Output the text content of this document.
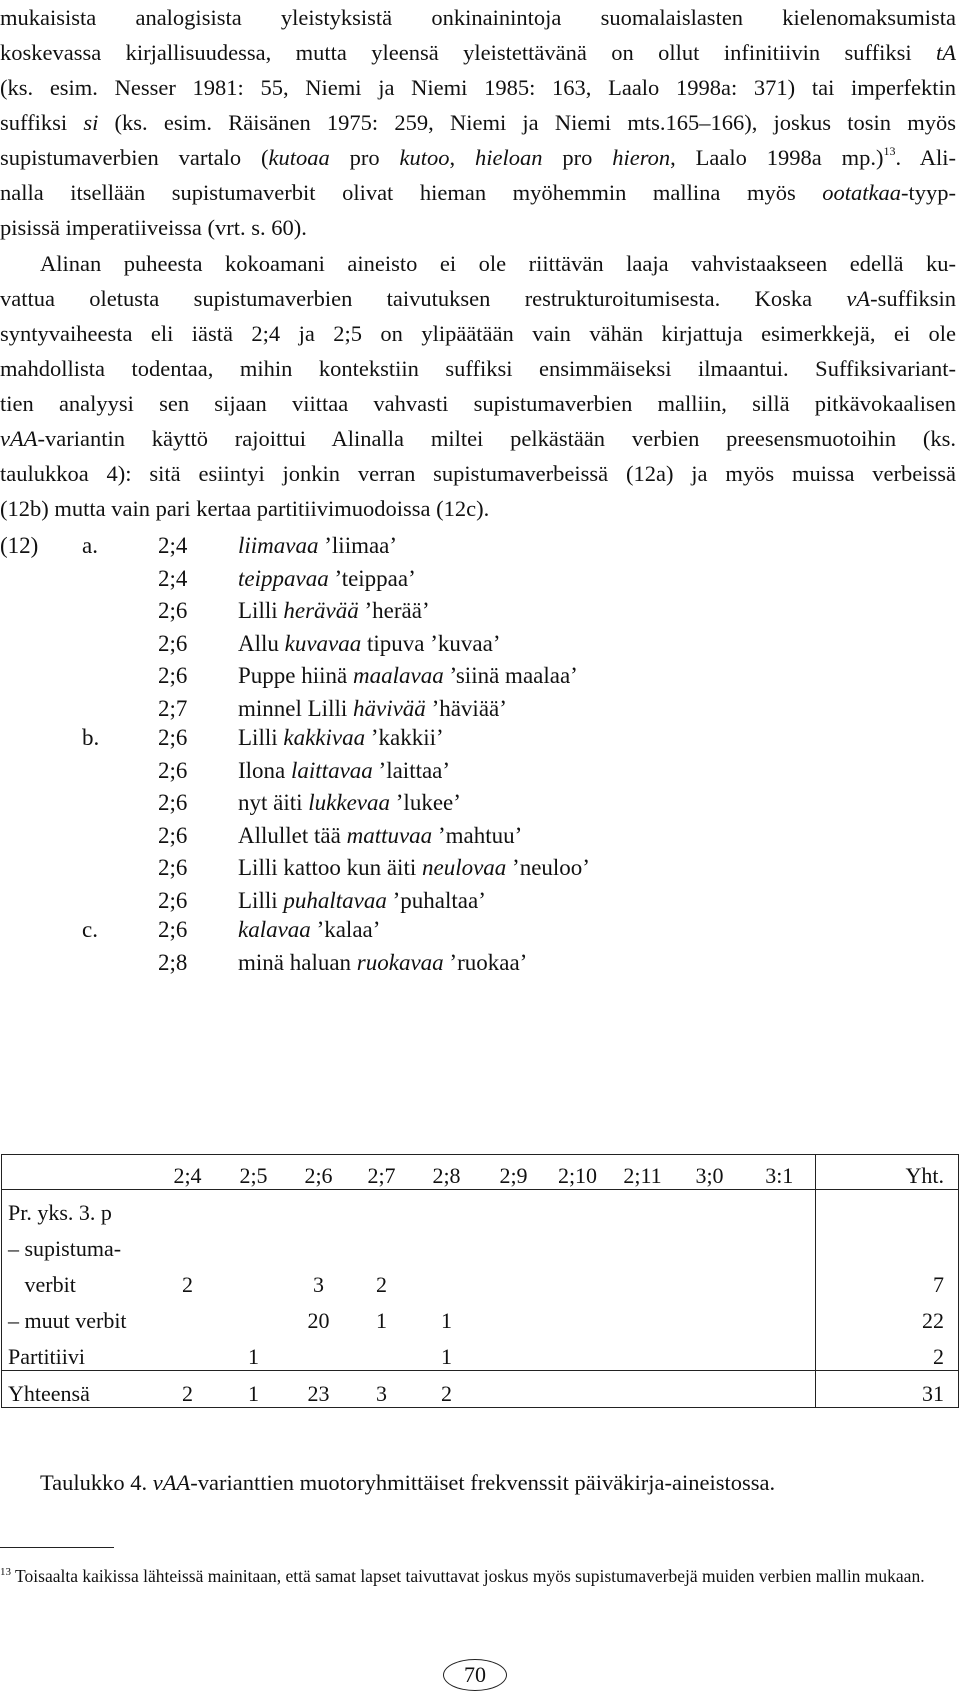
mukaisista analogisista yleistyksistä onkinainintoja suomalaislasten kielenomaksumista
koskevassa kirjallisuudessa, mutta yleensä yleistettävänä on ollut infinitiivin suffiksi tA
(ks. esim. Nesser 1981: 55, Niemi ja Niemi 1985: 163, Laalo 1998a: 371) tai imperfektin
suffiksi si (ks. esim. Räisänen 1975: 259, Niemi ja Niemi mts.165–166), joskus tosin myös
supistumaverbien vartalo (kutoaa pro kutoo, hieloan pro hieron, Laalo 1998a mp.)$^{13}$. Ali-
nalla itsellään supistumaverbit olivat hieman myöhemmin mallina myös ootatkaa-tyyp-
pisissä imperatiiveissa (vrt. s. 60).
Alinan puheesta kokoamani aineisto ei ole riittävän laaja vahvistaakseen edellä ku-
vattua oletusta supistumaverbien taivutuksen restrukturoitumisesta. Koska vA-suffiksin
syntyvaiheesta eli iästä 2;4 ja 2;5 on ylipäätään vain vähän kirjattuja esimerkkejä, ei ole
mahdollista todentaa, mihin kontekstiin suffiksi ensimmäiseksi ilmaantui. Suffiksivariant-
tien analyysi sen sijaan viittaa vahvasti supistumaverbien malliin, sillä pitkävokaalisen
vAA-variantin käyttö rajoittui Alinalla miltei pelkästään verbien preesensmuotoihin (ks.
taulukkoa 4): sitä esiintyi jonkin verran supistumaverbeissä (12a) ja myös muissa verbeissä
(12b) mutta vain pari kertaa partitiivimuodoissa (12c).
(12) a.	2;4 liimavaa ’liimaa’
2;4 teippavaa ’teippaa’
2;6 Lilli herävää ’herää’
2;6 Allu kuvavaa tipuva ’kuvaa’
2;6 Puppe hiinä maalavaa ’siinä maalaa’
2;7 minnel Lilli hävivää ’häviää’
b.	2;6 Lilli kakkivaa ’kakkii’
2;6 Ilona laittavaa ’laittaa’
2;6 nyt äiti lukkevaa ’lukee’
2;6 Allullet tää mattuvaa ’mahtuu’
2;6 Lilli kattoo kun äiti neulovaa ’neuloo’
2;6 Lilli puhaltavaa ’puhaltaa’
c.	2;6 kalavaa ’kalaa’
2;8 minä haluan ruokavaa ’ruokaa’
	2;4	2;5	2;6	2;7	2;8	2;9	2;10	2;11	3;0	3:1	Yht.
Pr. yks. 3. p											
– supistuma-											
verbit	2		3	2							7
– muut verbit			20	1	1						22
Partitiivi		1			1						2
Yhteensä	2	1	23	3	2						31
Taulukko 4. vAA-varianttien muotoryhmittäiset frekvenssit päiväkirja-aineistossa.
$^{13}$ Toisaalta kaikissa lähteissä mainitaan, että samat lapset taivuttavat joskus myös supistumaverbejä muiden verbien mallin mukaan.
70
